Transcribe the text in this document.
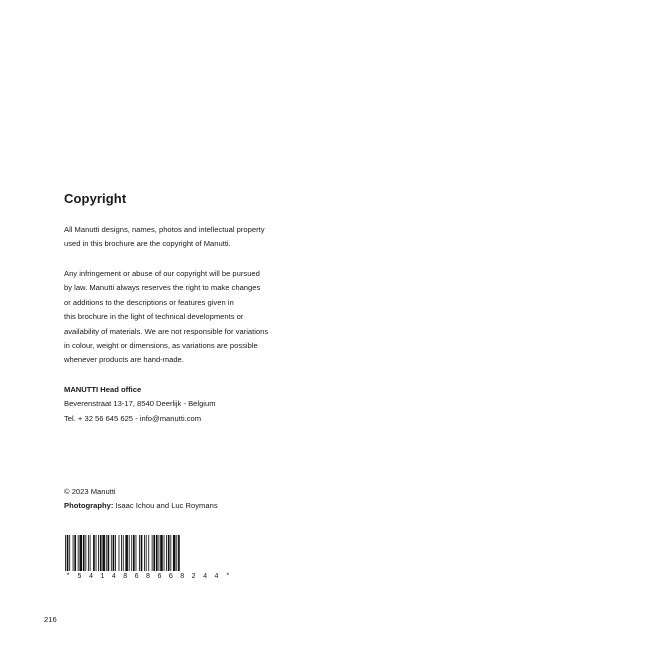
Copyright
All Manutti designs, names, photos and intellectual property
used in this brochure are the copyright of Manutti.
Any infringement or abuse of our copyright will be pursued
by law. Manutti always reserves the right to make changes
or additions to the descriptions or features given in
this brochure in the light of technical developments or
availability of materials. We are not responsible for variations
in colour, weight or dimensions, as variations are possible
whenever products are hand-made.
MANUTTI Head office
Beverenstraat 13-17, 8540 Deerlijk - Belgium
Tel. + 32 56 645 625 - info@manutti.com
© 2023 Manutti
Photography: Isaac Ichou and Luc Roymans
* 5 4 1 4 8 6 8 6 6 8 2 4 4 *
216
